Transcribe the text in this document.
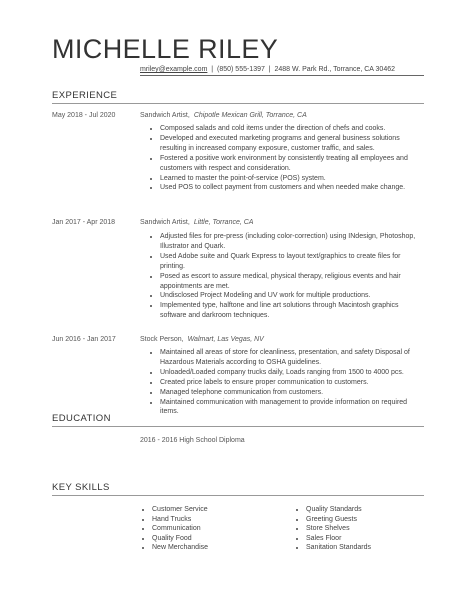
MICHELLE RILEY
mriley@example.com | (850) 555-1397 | 2488 W. Park Rd., Torrance, CA 30462
EXPERIENCE
May 2018 - Jul 2020	Sandwich Artist, Chipotle Mexican Grill, Torrance, CA
• Composed salads and cold items under the direction of chefs and cooks.
• Developed and executed marketing programs and general business solutions resulting in increased company exposure, customer traffic, and sales.
• Fostered a positive work environment by consistently treating all employees and customers with respect and consideration.
• Learned to master the point-of-service (POS) system.
• Used POS to collect payment from customers and when needed make change.
Jan 2017 - Apr 2018	Sandwich Artist, Little, Torrance, CA
• Adjusted files for pre-press (including color-correction) using INdesign, Photoshop, Illustrator and Quark.
• Used Adobe suite and Quark Express to layout text/graphics to create files for printing.
• Posed as escort to assure medical, physical therapy, religious events and hair appointments are met.
• Undisclosed Project Modeling and UV work for multiple productions.
• Implemented type, halftone and line art solutions through Macintosh graphics software and darkroom techniques.
Jun 2016 - Jan 2017	Stock Person, Walmart, Las Vegas, NV
• Maintained all areas of store for cleanliness, presentation, and safety Disposal of Hazardous Materials according to OSHA guidelines.
• Unloaded/Loaded company trucks daily, Loads ranging from 1500 to 4000 pcs.
• Created price labels to ensure proper communication to customers.
• Managed telephone communication from customers.
• Maintained communication with management to provide information on required items.
EDUCATION
2016 - 2016 High School Diploma
KEY SKILLS
• Customer Service
• Hand Trucks
• Communication
• Quality Food
• New Merchandise
• Quality Standards
• Greeting Guests
• Store Shelves
• Sales Floor
• Sanitation Standards
